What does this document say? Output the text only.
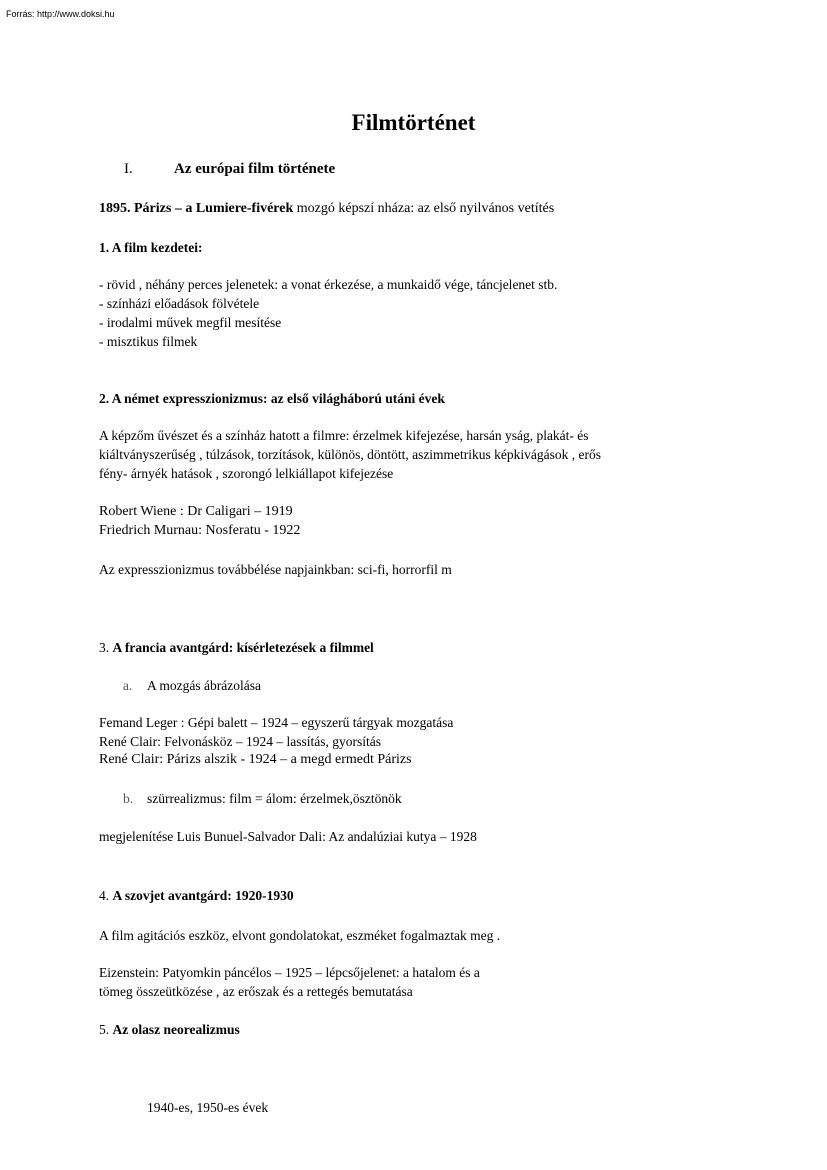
Forrás: http://www.doksi.hu
Filmtörténet
I.	Az európai film története
1895. Párizs – a Lumiere-fivérek mozgó képszí nháza: az első nyilvános vetítés
1. A film kezdetei:
- rövid , néhány perces jelenetek: a vonat érkezése, a munkaidő vége, táncjelenet stb.
- színházi előadások fölvétele
- irodalmi művek megfil mesítése
- misztikus filmek
2. A német expresszionizmus: az első világháború utáni évek
A képzőm űvészet és a színház hatott a filmre: érzelmek kifejezése, harsán yság, plakát- és
kiáltványszerűség , túlzások, torzítások, különös, döntött, aszimmetrikus képkivágások , erős
fény- árnyék hatások , szorongó lelkiállapot kifejezése
Robert Wiene : Dr Caligari – 1919
Friedrich Murnau: Nosferatu - 1922
Az expresszionizmus továbbélése napjainkban: sci-fi, horrorfil m
3. A francia avantgárd: kísérletezések a filmmel
a. A mozgás ábrázolása
Femand Leger : Gépi balett – 1924 – egyszerű tárgyak mozgatása
René Clair: Felvonásköz – 1924 – lassítás, gyorsítás
René Clair: Párizs alszik - 1924 – a megd ermedt Párizs
b. szürrealizmus: film = álom: érzelmek,ösztönök
megjelenítése Luis Bunuel-Salvador Dali: Az andalúziai kutya – 1928
4. A szovjet avantgárd: 1920-1930
A film agitációs eszköz, elvont gondolatokat, eszméket fogalmaztak meg .
Eizenstein: Patyomkin páncélos – 1925 – lépcsőjelenet: a hatalom és a
tömeg összeütközése , az erőszak és a rettegés bemutatása
5. Az olasz neorealizmus
1940-es, 1950-es évek
